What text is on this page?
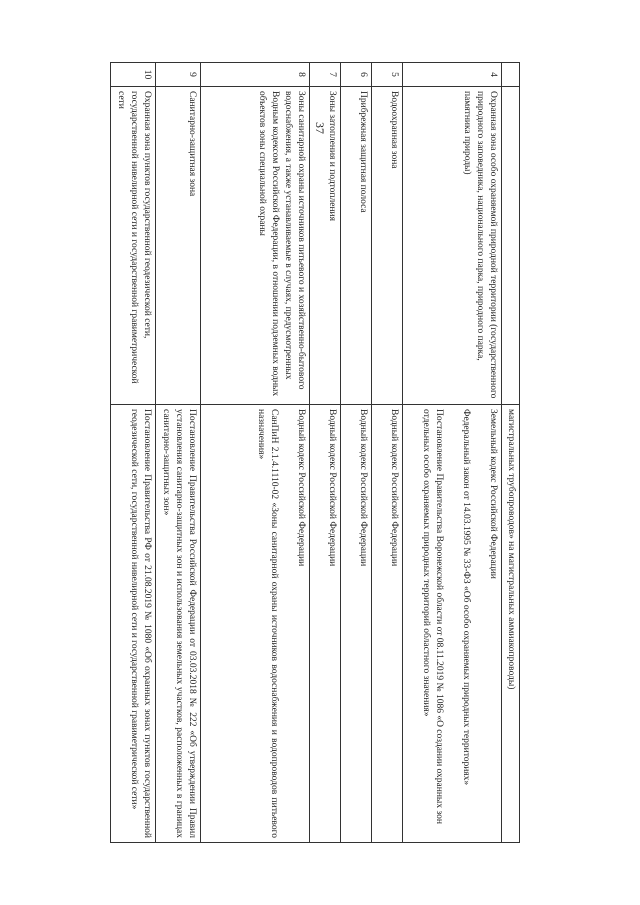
37

		магистральных трубопроводов» на магистральных аммиакопроводы)

4	Охранная зона особо охраняемой природной территории (государственного природного заповедника, национального парка, природного парка, памятника природы)	Земельный кодекс Российской Федерации

Федеральный закон от 14.03.1995 № 33-ФЗ «Об особо охраняемых природных территориях»

Постановление Правительства Воронежской области от 08.11.2019 № 1086 «О создании охранных зон отдельных особо охраняемых природных территорий областного значения»

5	Водоохранная зона	Водный кодекс Российской Федерации

6	Прибрежная защитная полоса	Водный кодекс Российской Федерации

7	Зоны затопления и подтопления	Водный кодекс Российской Федерации

8	Зоны санитарной охраны источников питьевого и хозяйственно-бытового водоснабжения, а также устанавливаемые в случаях, предусмотренных Водным кодексом Российской Федерации, в отношении подземных водных объектов зоны специальной охраны	Водный кодекс Российской Федерации

СанПиН 2.1.4.1110-02 «Зоны санитарной охраны источников водоснабжения и водопроводов питьевого назначения»

9	Санитарно-защитная зона	Постановление Правительства Российской Федерации от 03.03.2018 № 222 «Об утверждении Правил установления санитарно-защитных зон и использования земельных участков, расположенных в границах санитарно-защитных зон»

10	Охранная зона пунктов государственной геодезической сети, государственной нивелирной сети и государственной гравиметрической сети	Постановление Правительства РФ от 21.08.2019 № 1080 «Об охранных зонах пунктов государственной геодезической сети, государственной нивелирной сети и государственной гравиметрической сети»
